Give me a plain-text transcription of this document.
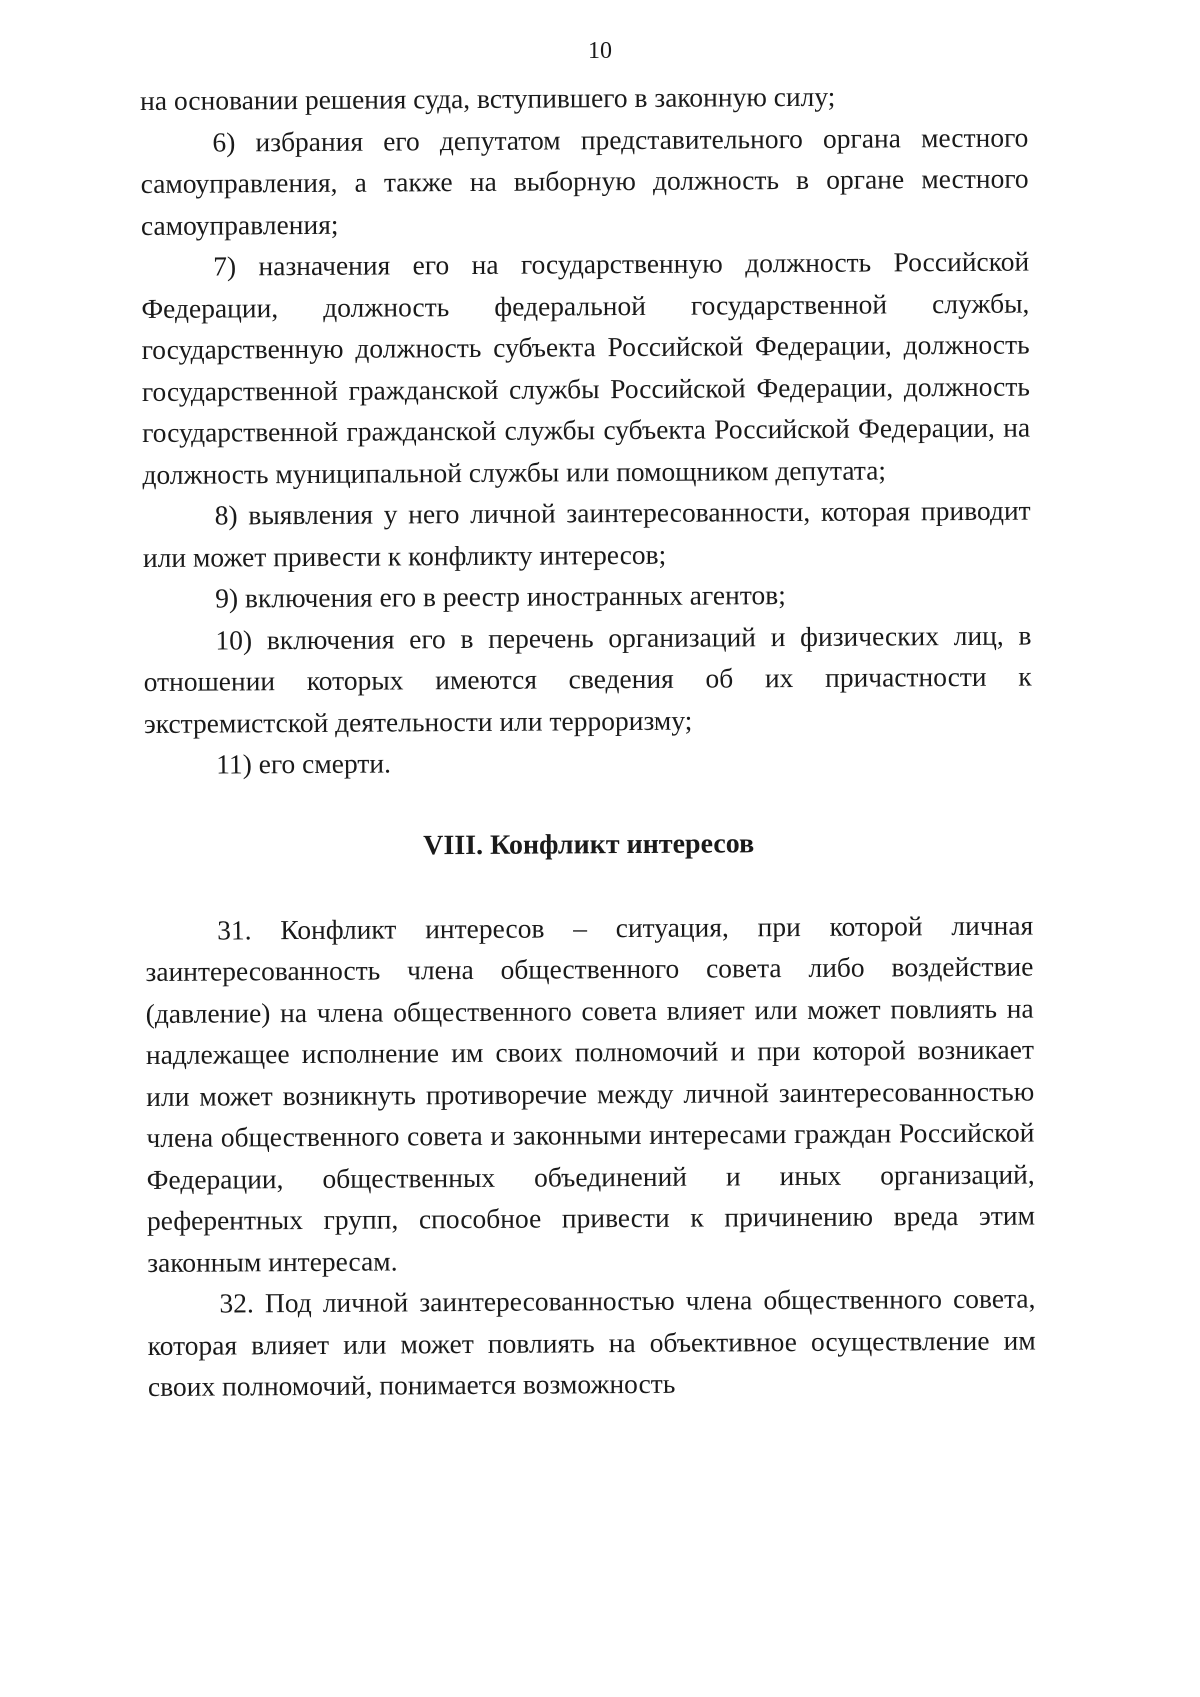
10

на основании решения суда, вступившего в законную силу;

6) избрания его депутатом представительного органа местного самоуправления, а также на выборную должность в органе местного самоуправления;

7) назначения его на государственную должность Российской Федерации, должность федеральной государственной службы, государственную должность субъекта Российской Федерации, должность государственной гражданской службы Российской Федерации, должность государственной гражданской службы субъекта Российской Федерации, на должность муниципальной службы или помощником депутата;

8) выявления у него личной заинтересованности, которая приводит или может привести к конфликту интересов;

9) включения его в реестр иностранных агентов;

10) включения его в перечень организаций и физических лиц, в отношении которых имеются сведения об их причастности к экстремистской деятельности или терроризму;

11) его смерти.

VIII. Конфликт интересов

31. Конфликт интересов – ситуация, при которой личная заинтересованность члена общественного совета либо воздействие (давление) на члена общественного совета влияет или может повлиять на надлежащее исполнение им своих полномочий и при которой возникает или может возникнуть противоречие между личной заинтересованностью члена общественного совета и законными интересами граждан Российской Федерации, общественных объединений и иных организаций, референтных групп, способное привести к причинению вреда этим законным интересам.

32. Под личной заинтересованностью члена общественного совета, которая влияет или может повлиять на объективное осуществление им своих полномочий, понимается возможность
